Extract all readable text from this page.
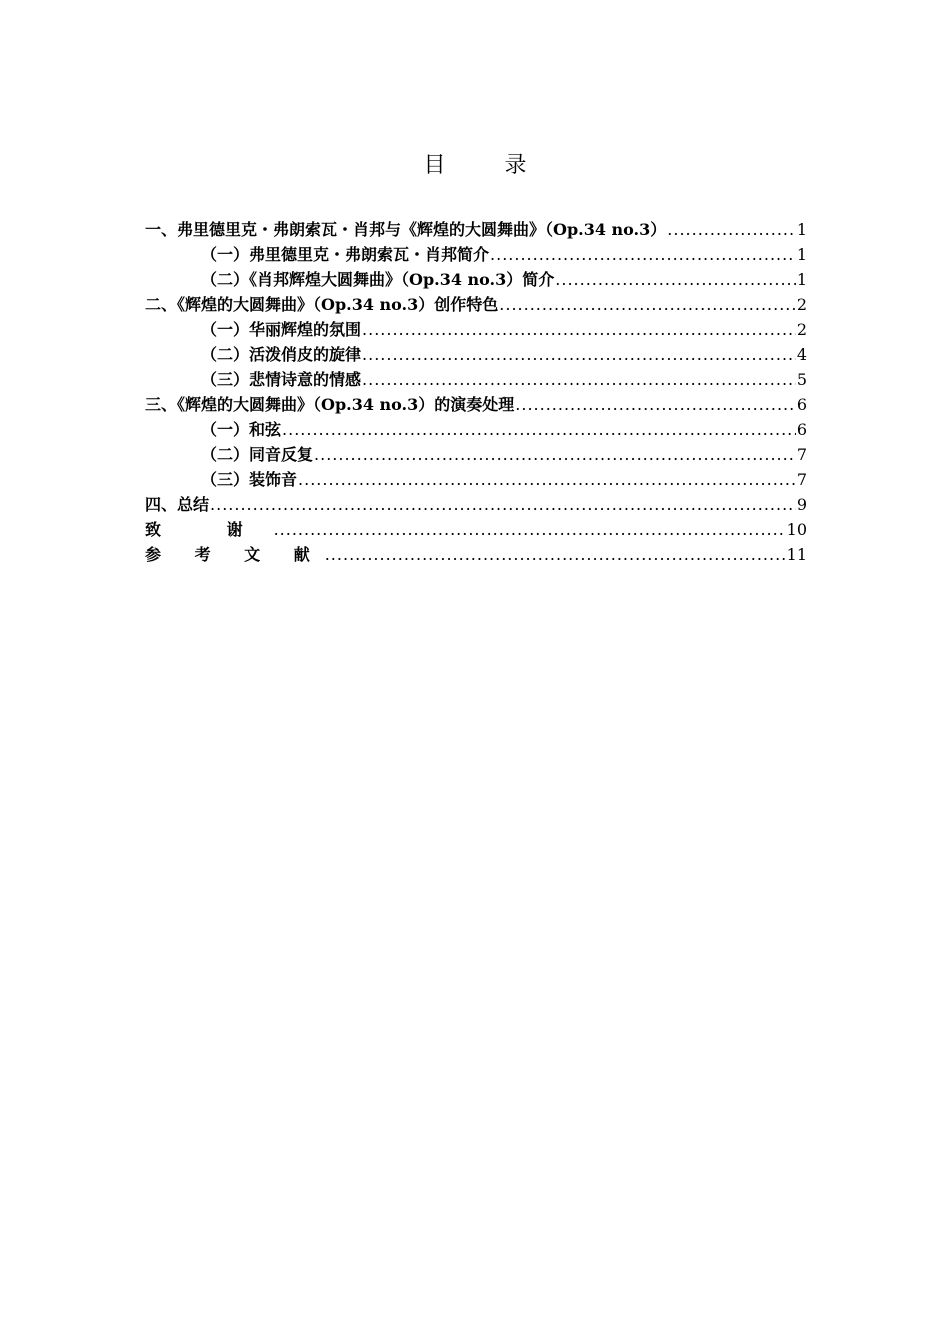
目	录
一、弗里德里克・弗朗索瓦・肖邦与《辉煌的大圆舞曲》（Op.34 no.3） .....	1
（一）弗里德里克・弗朗索瓦・肖邦简介 .....	1
（二）《肖邦辉煌大圆舞曲》（Op.34 no.3）简介 .....	1
二、《辉煌的大圆舞曲》（Op.34 no.3）创作特色 .....	2
（一）华丽辉煌的氛围 .....	2
（二）活泼俏皮的旋律 .....	4
（三）悲情诗意的情感 .....	5
三、《辉煌的大圆舞曲》（Op.34 no.3）的演奏处理 .....	6
（一）和弦 .....	6
（二）同音反复 .....	7
（三）装饰音 .....	7
四、总结 .....	9
致 谢 .....	10
参 考 文 献 .....	11
